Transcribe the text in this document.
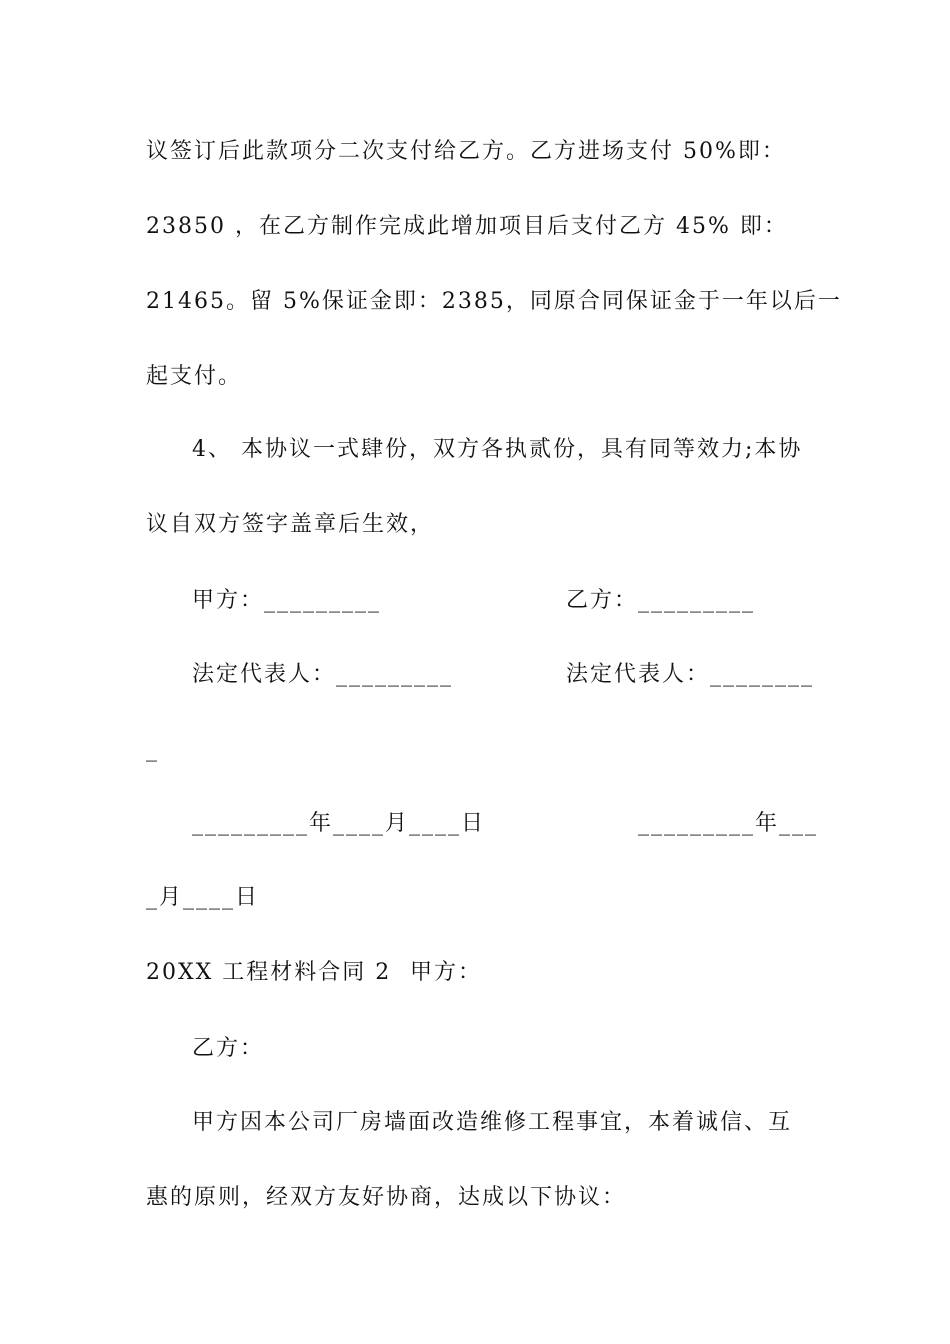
议签订后此款项分二次支付给乙方。乙方进场支付 50%即：
23850 ，在乙方制作完成此增加项目后支付乙方 45% 即：
21465。留 5%保证金即：2385，同原合同保证金于一年以后一
起支付。
4、 本协议一式肆份，双方各执贰份，具有同等效力;本协
议自双方签字盖章后生效，
甲方：_________	乙方：_________
法定代表人：_________	法定代表人：________
_
_________年____月____日	_________年___
_月____日
20XX 工程材料合同 2 甲方：
乙方：
甲方因本公司厂房墙面改造维修工程事宜，本着诚信、互
惠的原则，经双方友好协商，达成以下协议：
